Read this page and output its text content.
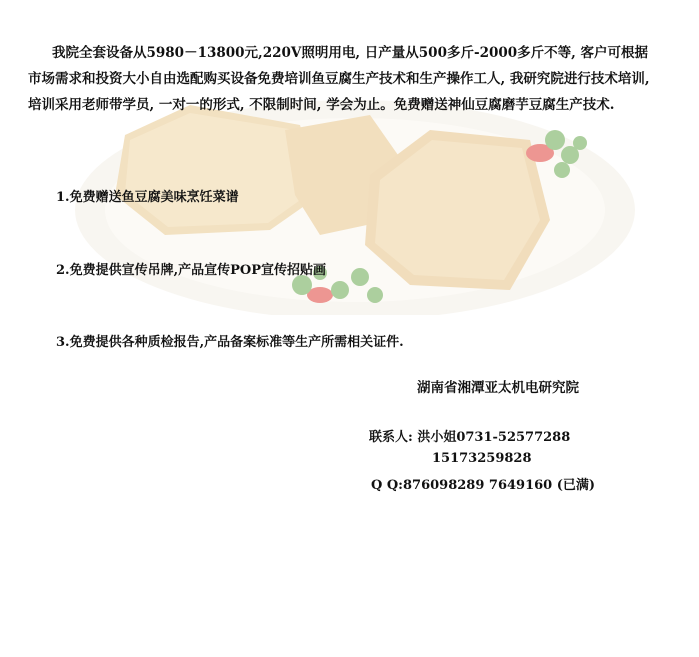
我院全套设备从5980－13800元,220V照明用电, 日产量从500多斤-2000多斤不等, 客户可根据市场需求和投资大小自由选配购买设备免费培训鱼豆腐生产技术和生产操作工人, 我研究院进行技术培训, 培训采用老师带学员, 一对一的形式, 不限制时间, 学会为止。免费赠送神仙豆腐磨芋豆腐生产技术.

1.免费赠送鱼豆腐美味烹饪菜谱

2.免费提供宣传吊牌,产品宣传POP宣传招贴画

3.免费提供各种质检报告,产品备案标准等生产所需相关证件.

湖南省湘潭亚太机电研究院

联系人: 洪小姐0731-52577288

15173259828

Q Q:876098289 7649160 (已满)
